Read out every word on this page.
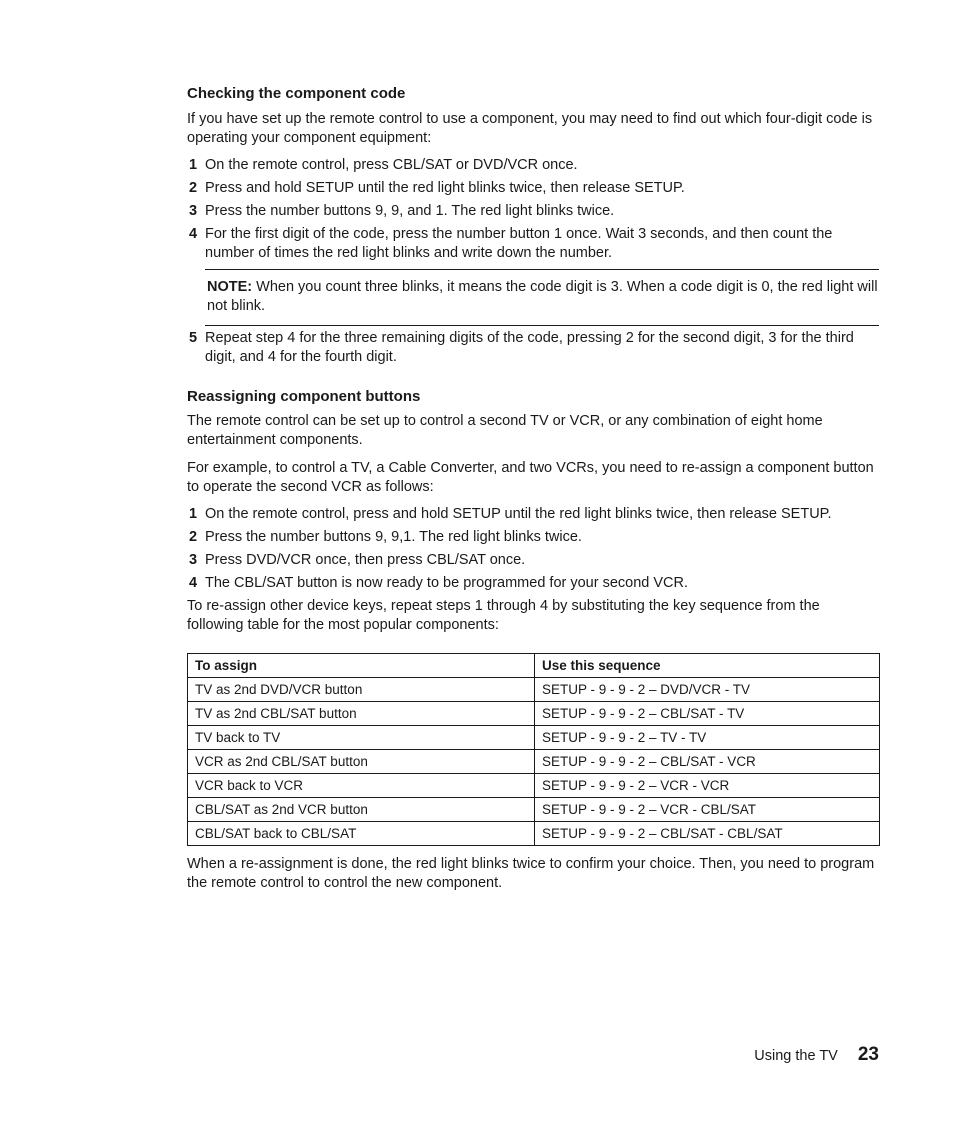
Checking the component code

If you have set up the remote control to use a component, you may need to find out which four-digit code is operating your component equipment:

1 On the remote control, press CBL/SAT or DVD/VCR once.
2 Press and hold SETUP until the red light blinks twice, then release SETUP.
3 Press the number buttons 9, 9, and 1. The red light blinks twice.
4 For the first digit of the code, press the number button 1 once. Wait 3 seconds, and then count the number of times the red light blinks and write down the number.
NOTE: When you count three blinks, it means the code digit is 3. When a code digit is 0, the red light will not blink.
5 Repeat step 4 for the three remaining digits of the code, pressing 2 for the second digit, 3 for the third digit, and 4 for the fourth digit.
Reassigning component buttons

The remote control can be set up to control a second TV or VCR, or any combination of eight home entertainment components.

For example, to control a TV, a Cable Converter, and two VCRs, you need to re-assign a component button to operate the second VCR as follows:

1 On the remote control, press and hold SETUP until the red light blinks twice, then release SETUP.
2 Press the number buttons 9, 9,1. The red light blinks twice.
3 Press DVD/VCR once, then press CBL/SAT once.
4 The CBL/SAT button is now ready to be programmed for your second VCR.

To re-assign other device keys, repeat steps 1 through 4 by substituting the key sequence from the following table for the most popular components:

To assign	Use this sequence
TV as 2nd DVD/VCR button	SETUP - 9 - 9 - 2 – DVD/VCR - TV
TV as 2nd CBL/SAT button	SETUP - 9 - 9 - 2 – CBL/SAT - TV
TV back to TV	SETUP - 9 - 9 - 2 – TV - TV
VCR as 2nd CBL/SAT button	SETUP - 9 - 9 - 2 – CBL/SAT - VCR
VCR back to VCR	SETUP - 9 - 9 - 2 – VCR - VCR
CBL/SAT as 2nd VCR button	SETUP - 9 - 9 - 2 – VCR - CBL/SAT
CBL/SAT back to CBL/SAT	SETUP - 9 - 9 - 2 – CBL/SAT - CBL/SAT

When a re-assignment is done, the red light blinks twice to confirm your choice. Then, you need to program the remote control to control the new component.

Using the TV 23
